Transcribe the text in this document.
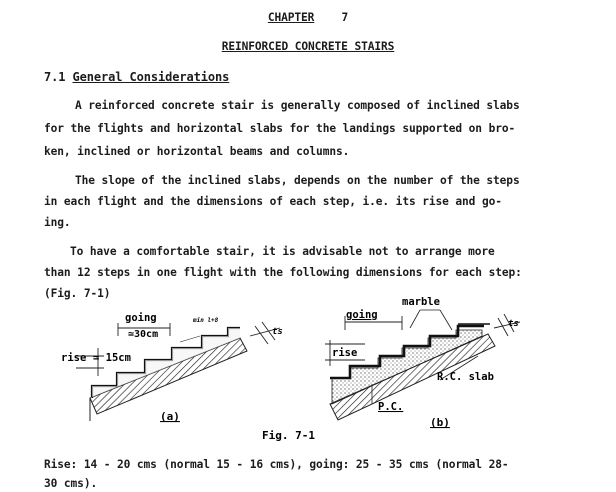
CHAPTER 7
REINFORCED CONCRETE STAIRS
7.1 General Considerations
A reinforced concrete stair is generally composed of inclined slabs
for the flights and horizontal slabs for the landings supported on bro-
ken, inclined or horizontal beams and columns.
The slope of the inclined slabs, depends on the number of the steps
in each flight and the dimensions of each step, i.e. its rise and go-
ing.
To have a comfortable stair, it is advisable not to arrange more
than 12 steps in one flight with the following dimensions for each step:
(Fig. 7-1)
going
≃30cm
min l+8
rise ≃ 15cm
ts
(a)
marble
going
rise
R.C. slab
P.C.
ts
(b)
Fig. 7-1
Rise: 14 - 20 cms (normal 15 - 16 cms), going: 25 - 35 cms (normal 28-
30 cms).
